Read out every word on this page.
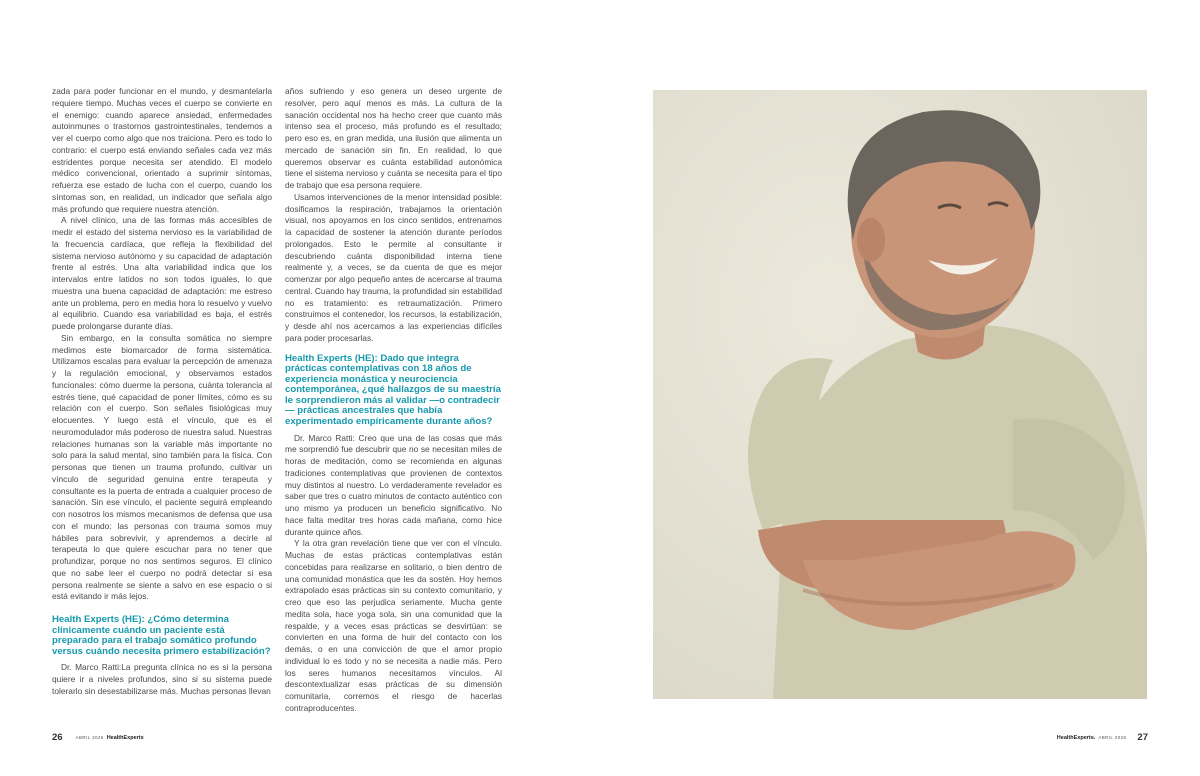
zada para poder funcionar en el mundo, y desmantelarla requiere tiempo. Muchas veces el cuerpo se convierte en el enemigo: cuando aparece ansiedad, enfermedades autoinmunes o trastornos gastrointestinales, tendemos a ver el cuerpo como algo que nos traiciona. Pero es todo lo contrario: el cuerpo está enviando señales cada vez más estridentes porque necesita ser atendido. El modelo médico convencional, orientado a suprimir síntomas, refuerza ese estado de lucha con el cuerpo, cuando los síntomas son, en realidad, un indicador que señala algo más profundo que requiere nuestra atención.

A nivel clínico, una de las formas más accesibles de medir el estado del sistema nervioso es la variabilidad de la frecuencia cardíaca, que refleja la flexibilidad del sistema nervioso autónomo y su capacidad de adaptación frente al estrés. Una alta variabilidad indica que los intervalos entre latidos no son todos iguales, lo que muestra una buena capacidad de adaptación: me estreso ante un problema, pero en media hora lo resuelvo y vuelvo al equilibrio. Cuando esa variabilidad es baja, el estrés puede prolongarse durante días.

Sin embargo, en la consulta somática no siempre medimos este biomarcador de forma sistemática. Utilizamos escalas para evaluar la percepción de amenaza y la regulación emocional, y observamos estados funcionales: cómo duerme la persona, cuánta tolerancia al estrés tiene, qué capacidad de poner límites, cómo es su relación con el cuerpo. Son señales fisiológicas muy elocuentes. Y luego está el vínculo, que es el neuromodulador más poderoso de nuestra salud. Nuestras relaciones humanas son la variable más importante no solo para la salud mental, sino también para la física. Con personas que tienen un trauma profundo, cultivar un vínculo de seguridad genuina entre terapeuta y consultante es la puerta de entrada a cualquier proceso de sanación. Sin ese vínculo, el paciente seguirá empleando con nosotros los mismos mecanismos de defensa que usa con el mundo: las personas con trauma somos muy hábiles para sobrevivir, y aprendemos a decirle al terapeuta lo que quiere escuchar para no tener que profundizar, porque no nos sentimos seguros. El clínico que no sabe leer el cuerpo no podrá detectar si esa persona realmente se siente a salvo en ese espacio o si está evitando ir más lejos.

Health Experts (HE): ¿Cómo determina clínicamente cuándo un paciente está preparado para el trabajo somático profundo versus cuándo necesita primero estabilización?

Dr. Marco Ratti:La pregunta clínica no es si la persona quiere ir a niveles profundos, sino si su sistema puede tolerarlo sin desestabilizarse más. Muchas personas llevan

años sufriendo y eso genera un deseo urgente de resolver, pero aquí menos es más. La cultura de la sanación occidental nos ha hecho creer que cuanto más intenso sea el proceso, más profundo es el resultado; pero eso es, en gran medida, una ilusión que alimenta un mercado de sanación sin fin. En realidad, lo que queremos observar es cuánta estabilidad autonómica tiene el sistema nervioso y cuánta se necesita para el tipo de trabajo que esa persona requiere.

Usamos intervenciones de la menor intensidad posible: dosificamos la respiración, trabajamos la orientación visual, nos apoyamos en los cinco sentidos, entrenamos la capacidad de sostener la atención durante períodos prolongados. Esto le permite al consultante ir descubriendo cuánta disponibilidad interna tiene realmente y, a veces, se da cuenta de que es mejor comenzar por algo pequeño antes de acercarse al trauma central. Cuando hay trauma, la profundidad sin estabilidad no es tratamiento: es retraumatización. Primero construimos el contenedor, los recursos, la estabilización, y desde ahí nos acercamos a las experiencias difíciles para poder procesarlas.

Health Experts (HE): Dado que integra prácticas contemplativas con 18 años de experiencia monástica y neurociencia contemporánea, ¿qué hallazgos de su maestría le sorprendieron más al validar —o contradecir— prácticas ancestrales que había experimentado empíricamente durante años?

Dr. Marco Ratti: Creo que una de las cosas que más me sorprendió fue descubrir que no se necesitan miles de horas de meditación, como se recomienda en algunas tradiciones contemplativas que provienen de contextos muy distintos al nuestro. Lo verdaderamente revelador es saber que tres o cuatro minutos de contacto auténtico con uno mismo ya producen un beneficio significativo. No hace falta meditar tres horas cada mañana, como hice durante quince años.

Y la otra gran revelación tiene que ver con el vínculo. Muchas de estas prácticas contemplativas están concebidas para realizarse en solitario, o bien dentro de una comunidad monástica que les da sostén. Hoy hemos extrapolado esas prácticas sin su contexto comunitario, y creo que eso las perjudica seriamente. Mucha gente medita sola, hace yoga sola, sin una comunidad que la respalde, y a veces esas prácticas se desvirtúan: se convierten en una forma de huir del contacto con los demás, o en una convicción de que el amor propio individual lo es todo y no se necesita a nadie más. Pero los seres humanos necesitamos vínculos. Al descontextualizar esas prácticas de su dimensión comunitaria, corremos el riesgo de hacerlas contraproducentes.

26	ABRIL 2026 HealthExperts	HealthExperts. ABRIL 2026 27
